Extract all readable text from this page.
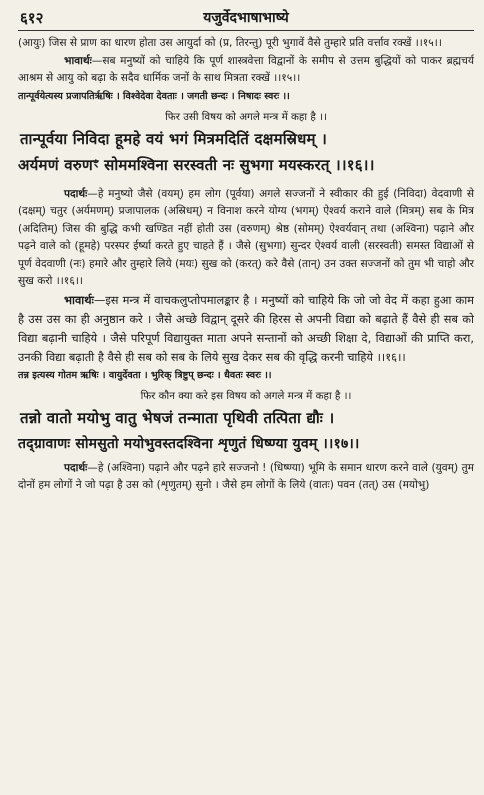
६१२	यजुर्वेदभाषाभाष्ये

(आयुः) जिस से प्राण का धारण होता उस आयुर्दा को (प्र, तिरन्तु) पूरी भुगावें वैसे तुम्हारे प्रति वर्त्ताव रक्खें ।।१५।।

भावार्थः—सब मनुष्यों को चाहिये कि पूर्ण शास्त्रवेत्ता विद्वानों के समीप से उत्तम बुद्धियों को पाकर ब्रह्मचर्य आश्रम से आयु को बढ़ा के सदैव धार्मिक जनों के साथ मित्रता रक्खें ।।१५।।

तान्पूर्वयेत्यस्य प्रजापतिर्ऋषिः । विश्वेदेवा देवताः । जगती छन्दः । निषादः स्वरः ।।

फिर उसी विषय को अगले मन्त्र में कहा है ।।

तान्पूर्वया निविदा हूमहे वयं भगं मित्रमदितिं दक्षमस्रिधम् ।

अर्यमणं वरुणꣳ सोममश्विना सरस्वती नः सुभगा मयस्करत् ।।१६।।

पदार्थः—हे मनुष्यो जैसे (वयम्) हम लोग (पूर्वया) अगले सज्जनों ने स्वीकार की हुई (निविदा) वेदवाणी से (दक्षम्) चतुर (अर्यमणम्) प्रजापालक (अस्रिधम्) न विनाश करने योग्य (भगम्) ऐश्वर्य कराने वाले (मित्रम्) सब के मित्र (अदितिम्) जिस की बुद्धि कभी खण्डित नहीं होती उस (वरुणम्) श्रेष्ठ (सोमम्) ऐश्वर्यवान् तथा (अश्विना) पढ़ाने और पढ़ने वाले को (हूमहे) परस्पर ईर्ष्या करते हुए चाहते हैं । जैसे (सुभगा) सुन्दर ऐश्वर्य वाली (सरस्वती) समस्त विद्याओं से पूर्ण वेदवाणी (नः) हमारे और तुम्हारे लिये (मयः) सुख को (करत्) करे वैसे (तान्) उन उक्त सज्जनों को तुम भी चाहो और सुख करो ।।१६।।

भावार्थः—इस मन्त्र में वाचकलुप्तोपमालङ्कार है । मनुष्यों को चाहिये कि जो जो वेद में कहा हुआ काम है उस उस का ही अनुष्ठान करे । जैसे अच्छे विद्वान् दूसरे की हिरस से अपनी विद्या को बढ़ाते हैं वैसे ही सब को विद्या बढ़ानी चाहिये । जैसे परिपूर्ण विद्यायुक्त माता अपने सन्तानों को अच्छी शिक्षा दे, विद्याओं की प्राप्ति करा, उनकी विद्या बढ़ाती है वैसे ही सब को सब के लिये सुख देकर सब की वृद्धि करनी चाहिये ।।१६।।

तन्न इत्यस्य गोतम ऋषिः । वायुर्देवता । भुरिक् त्रिष्टुप् छन्दः । धैवतः स्वरः ।।

फिर कौन क्या करे इस विषय को अगले मन्त्र में कहा है ।।

तन्नो वातो मयोभु वातु भेषजं तन्माता पृथिवी तत्पिता द्यौः ।

तद्ग्रावाणः सोमसुतो मयोभुवस्तदश्विना शृणुतं धिष्ण्या युवम् ।।१७।।

पदार्थः—हे (अश्विना) पढ़ाने और पढ़ने हारे सज्जनो ! (धिष्ण्या) भूमि के समान धारण करने वाले (युवम्) तुम दोनों हम लोगों ने जो पढ़ा है उस को (शृणुतम्) सुनो । जैसे हम लोगों के लिये (वातः) पवन (तत्) उस (मयोभु)
